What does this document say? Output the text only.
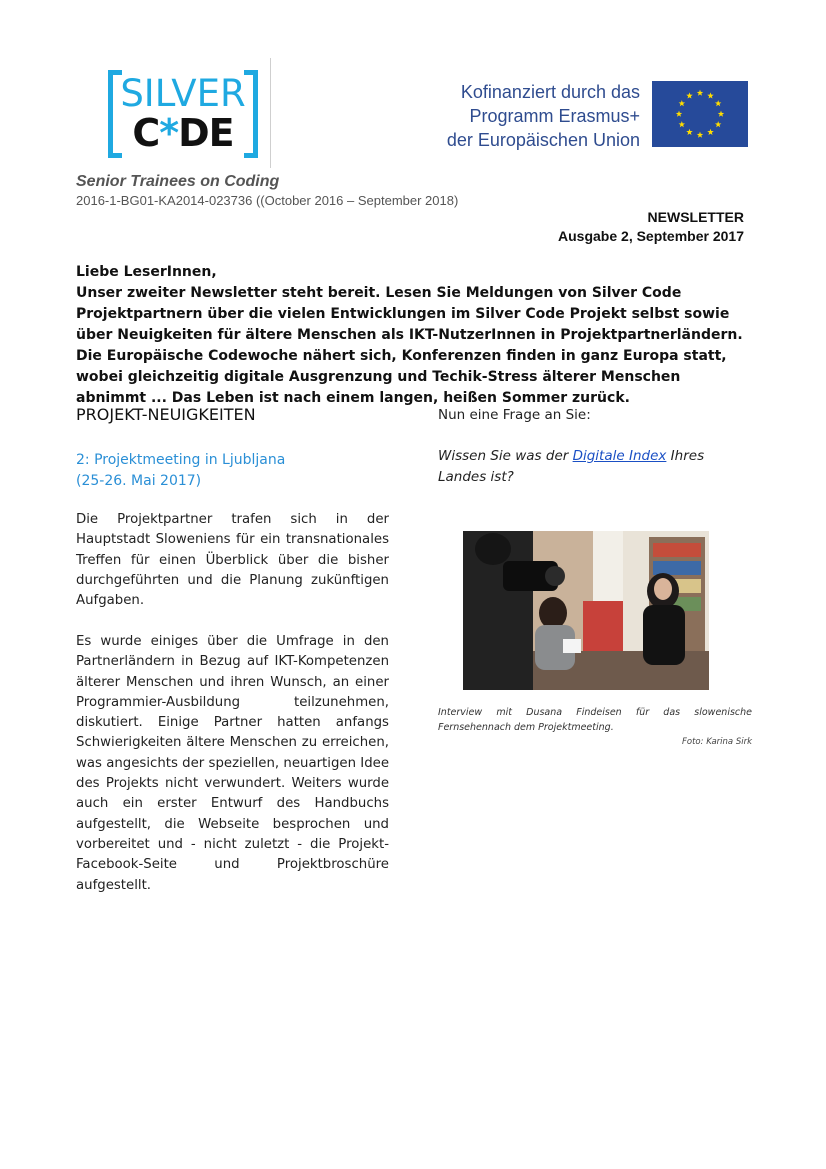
SILVER
C*DE
Kofinanziert durch das
Programm Erasmus+
der Europäischen Union
Senior Trainees on Coding
2016-1-BG01-KA2014-023736 ((October 2016 – September 2018)
NEWSLETTER
Ausgabe 2, September 2017

Liebe LeserInnen,

Unser zweiter Newsletter steht bereit. Lesen Sie Meldungen von Silver Code Projektpartnern über die vielen Entwicklungen im Silver Code Projekt selbst sowie über Neuigkeiten für ältere Menschen als IKT-NutzerInnen in Projektpartnerländern. Die Europäische Codewoche nähert sich, Konferenzen finden in ganz Europa statt, wobei gleichzeitig digitale Ausgrenzung und Techik-Stress älterer Menschen abnimmt ... Das Leben ist nach einem langen, heißen Sommer zurück.

PROJEKT-NEUIGKEITEN
2: Projektmeeting in Ljubljana
(25-26. Mai 2017)

Die Projektpartner trafen sich in der Hauptstadt Sloweniens für ein transnationales Treffen für einen Überblick über die bisher durchgeführten und die Planung zukünftigen Aufgaben.

Es wurde einiges über die Umfrage in den Partnerländern in Bezug auf IKT-Kompetenzen älterer Menschen und ihren Wunsch, an einer Programmier-Ausbildung teilzunehmen, diskutiert. Einige Partner hatten anfangs Schwierigkeiten ältere Menschen zu erreichen, was angesichts der speziellen, neuartigen Idee des Projekts nicht verwundert. Weiters wurde auch ein erster Entwurf des Handbuchs aufgestellt, die Webseite besprochen und vorbereitet und - nicht zuletzt - die Projekt-Facebook-Seite und Projektbroschüre aufgestellt.

Nun eine Frage an Sie:
Wissen Sie was der Digitale Index Ihres Landes ist?
Interview mit Dusana Findeisen für das slowenische Fernsehennach dem Projektmeeting.
Foto: Karina Sirk
